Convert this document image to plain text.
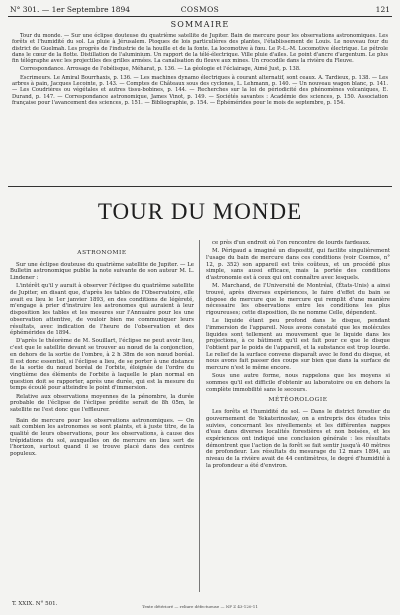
N° 301. — 1er Septembre 1894	COSMOS	121
SOMMAIRE

Tour du monde. — Sur une éclipse douteuse du quatrième satellite de Jupiter. Bain de mercure pour les observations astronomiques. Les forêts et l'humidité du sol. La pluie à Jérusalem. Ptoques de lois particulières des plantes, l'établissement de Louis. Le nouveau four du district de Guelmah. Les progrès de l'industrie de la houille et de la fonte. La locomotive à fœu. Le P.-L.-M. Locomotive électrique. Le pétrole dans le cœur de la flotte. Distillation de l'aluminium. Un rapport de la télé-électrique. Ville pluie d'ailes. Le point d'ancre d'argentum. Le plus fin télégraphe avec les projectiles des grilles armées. La canalisation du fleuve aux mines. Un crocodile dans la rivière du Fleuve.

Correspondance. Arrosage de l'obélisque, Méharat, p. 136. — La géologie et l'éclairage, Aimé Just, p. 138.

Escrimeurs. Le Amiral Bourrhaxis, p. 136. — Les machines dynamo électriques à courant alternatif, sont ceaux. A. Tardieux, p. 138. — Les arbres à pain, Jacques Lecointe, p. 143. — Comptes de Châteaux sous des cyclones, L. Lehmann, p. 140. — Un nouveau wagon blanc, p. 141. — Les Coudrières ou végétales et autres tissu-bobines, p. 144. — Recherches sur la loi de périodicité des phénomènes volcaniques, E. Durand, p. 147. — Correspondance astronomique, James Vinot, p. 149. — Sociétés savantes : Académie des sciences, p. 150. Association française pour l'avancement des sciences, p. 151. — Bibliographie, p. 154. — Éphémérides pour le mois de septembre, p. 154.

TOUR DU MONDE
ASTRONOMIE

Sur une éclipse douteuse du quatrième satellite de Jupiter. — Le Bulletin astronomique publie la note suivante de son auteur M. L. Lindener :

L'intérêt qu'il y aurait à observer l'éclipse du quatrième satellite de Jupiter, en disant que, d'après les tables de l'Observatoire, elle avait eu lieu le 1er janvier 1893, en des conditions de légèreté, m'engage à prier d'instruire les astronomes qui auraient à leur disposition les tables et les mesures sur l'Annuaire pour les une observation attentive, de vouloir bien me communiquer leurs résultats, avec indication de l'heure de l'observation et des éphémérides de 1894.

D'après le théorème de M. Souillart, l'éclipse ne peut avoir lieu, c'est que le satellite devant se trouver au nœud de la conjonction, en dehors de la sortie de l'ombre, à 2 h 38m de son nœud boréal. Il est donc essentiel, si l'éclipse a lieu, de se porter à une distance de la sortie du nœud boréal de l'orbite, éloignée de l'ordre du vingtième des éléments de l'orbite à laquelle le plan normal en question doit se rapporter, après une durée, qui est la mesure du temps écoulé pour atteindre le point d'immersion.

Relative aux observations moyennes de la pénombre, la durée probable de l'éclipse de l'éclipse prédite serait de 8h 05m, le satellite ne l'est donc que l'effleurer.

Bain de mercure pour les observations astronomiques. — On sait combien les astronomes se sont plaints, et à juste titre, de la qualité de leurs observations, pour les observations, à cause des trépidations du sol, auxquelles on de mercure en lieu sert de l'horizon, surtout quand il se trouve placé dans des centres populeux.

ce près d'un endroit où l'on rencontre de lourds fardeaux.

M. Périgaud a imaginé un dispositif, qui facilite singulièrement l'usage du bain de mercure dans ces conditions (voir Cosmos, n° 12, p. 352) son appareil est très coûteux, et un procédé plus simple, sans aussi efficace, mais la portée des conditions d'astronomie est à ceux qui ont connaître avec lesquels.

M. Marchand, de l'Université de Montréal, (États-Unis) a ainsi trouvé, après diverses expériences, le faire d'effet du bain se dispose de mercure que le mercure qui remplit d'une manière nécessaire les observations entre les conditions les plus rigoureuses; cette disposition, ils ne nomme Celle, dépendent.

Le liquide étant peu profond dans le disque, pendant l'immersion de l'appareil. Nous avons constaté que les molécules liquides sont tellement au mouvement que le liquide dans les projections, à ce bâtiment qu'il est fait pour ce que le disque l'obtient par le poids de l'appareil, et la substance est trop lourde. Le relief de la surface convexe disparaît avec le fond du disque, et nous avons fait passer des coups sur bien que dans la surface de mercure n'est le même encore.

Sous une autre forme, nous rappelons que les moyens si sommes qu'il est difficile d'obtenir au laboratoire ou en dehors la complète immobilité sans le secours.

MÉTÉOROLOGIE

Les forêts et l'humidité du sol. — Dans le district forestier du gouvernement de Yekaterinoslav, on a entrepris des études très suivies, concernant les nivellements et les différentes nappes d'eau dans diverses localités forestières et non boisées, et les expériences ont indiqué une conclusion générale : les résultats démontrent que l'action de la forêt se fait sentir jusqu'à 40 mètres de profondeur. Les résultats du mesurage du 12 mars 1894, au niveau de la rivière avait de 44 centimètres, le degré d'humidité à la profondeur a été d'environ.

T. XXIX. N° 501.	Texte détérioré — reliure défectueuse — NF Z 43-120-11
